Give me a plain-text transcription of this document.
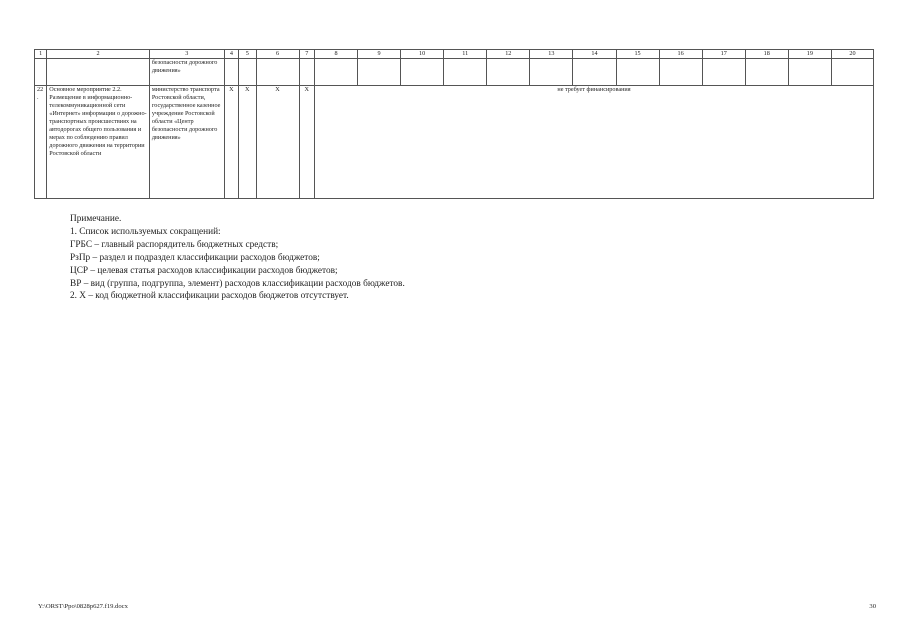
1	2	3	4	5	6	7	8	9	10	11	12	13	14	15	16	17	18	19	20
		безопасности дорожного движения»																	
22.	Основное мероприятие 2.2. Размещение в информационно-телекоммуникационной сети «Интернет» информации о дорожно-транспортных происшествиях на автодорогах общего пользования и мерах по соблюдению правил дорожного движения на территории Ростовской области	министерство транспорта Ростовской области, государственное казенное учреждение Ростовской области «Центр безопасности дорожного движения»	X	X	X	X	не требует финансирования												
Примечание.
1. Список используемых сокращений:
ГРБС – главный распорядитель бюджетных средств;
РзПр – раздел и подраздел классификации расходов бюджетов;
ЦСР – целевая статья расходов классификации расходов бюджетов;
ВР – вид (группа, подгруппа, элемент) расходов классификации расходов бюджетов.
2. Х – код бюджетной классификации расходов бюджетов отсутствует.
Y:\ORST\Ppo\0828p627.f19.docx	30
